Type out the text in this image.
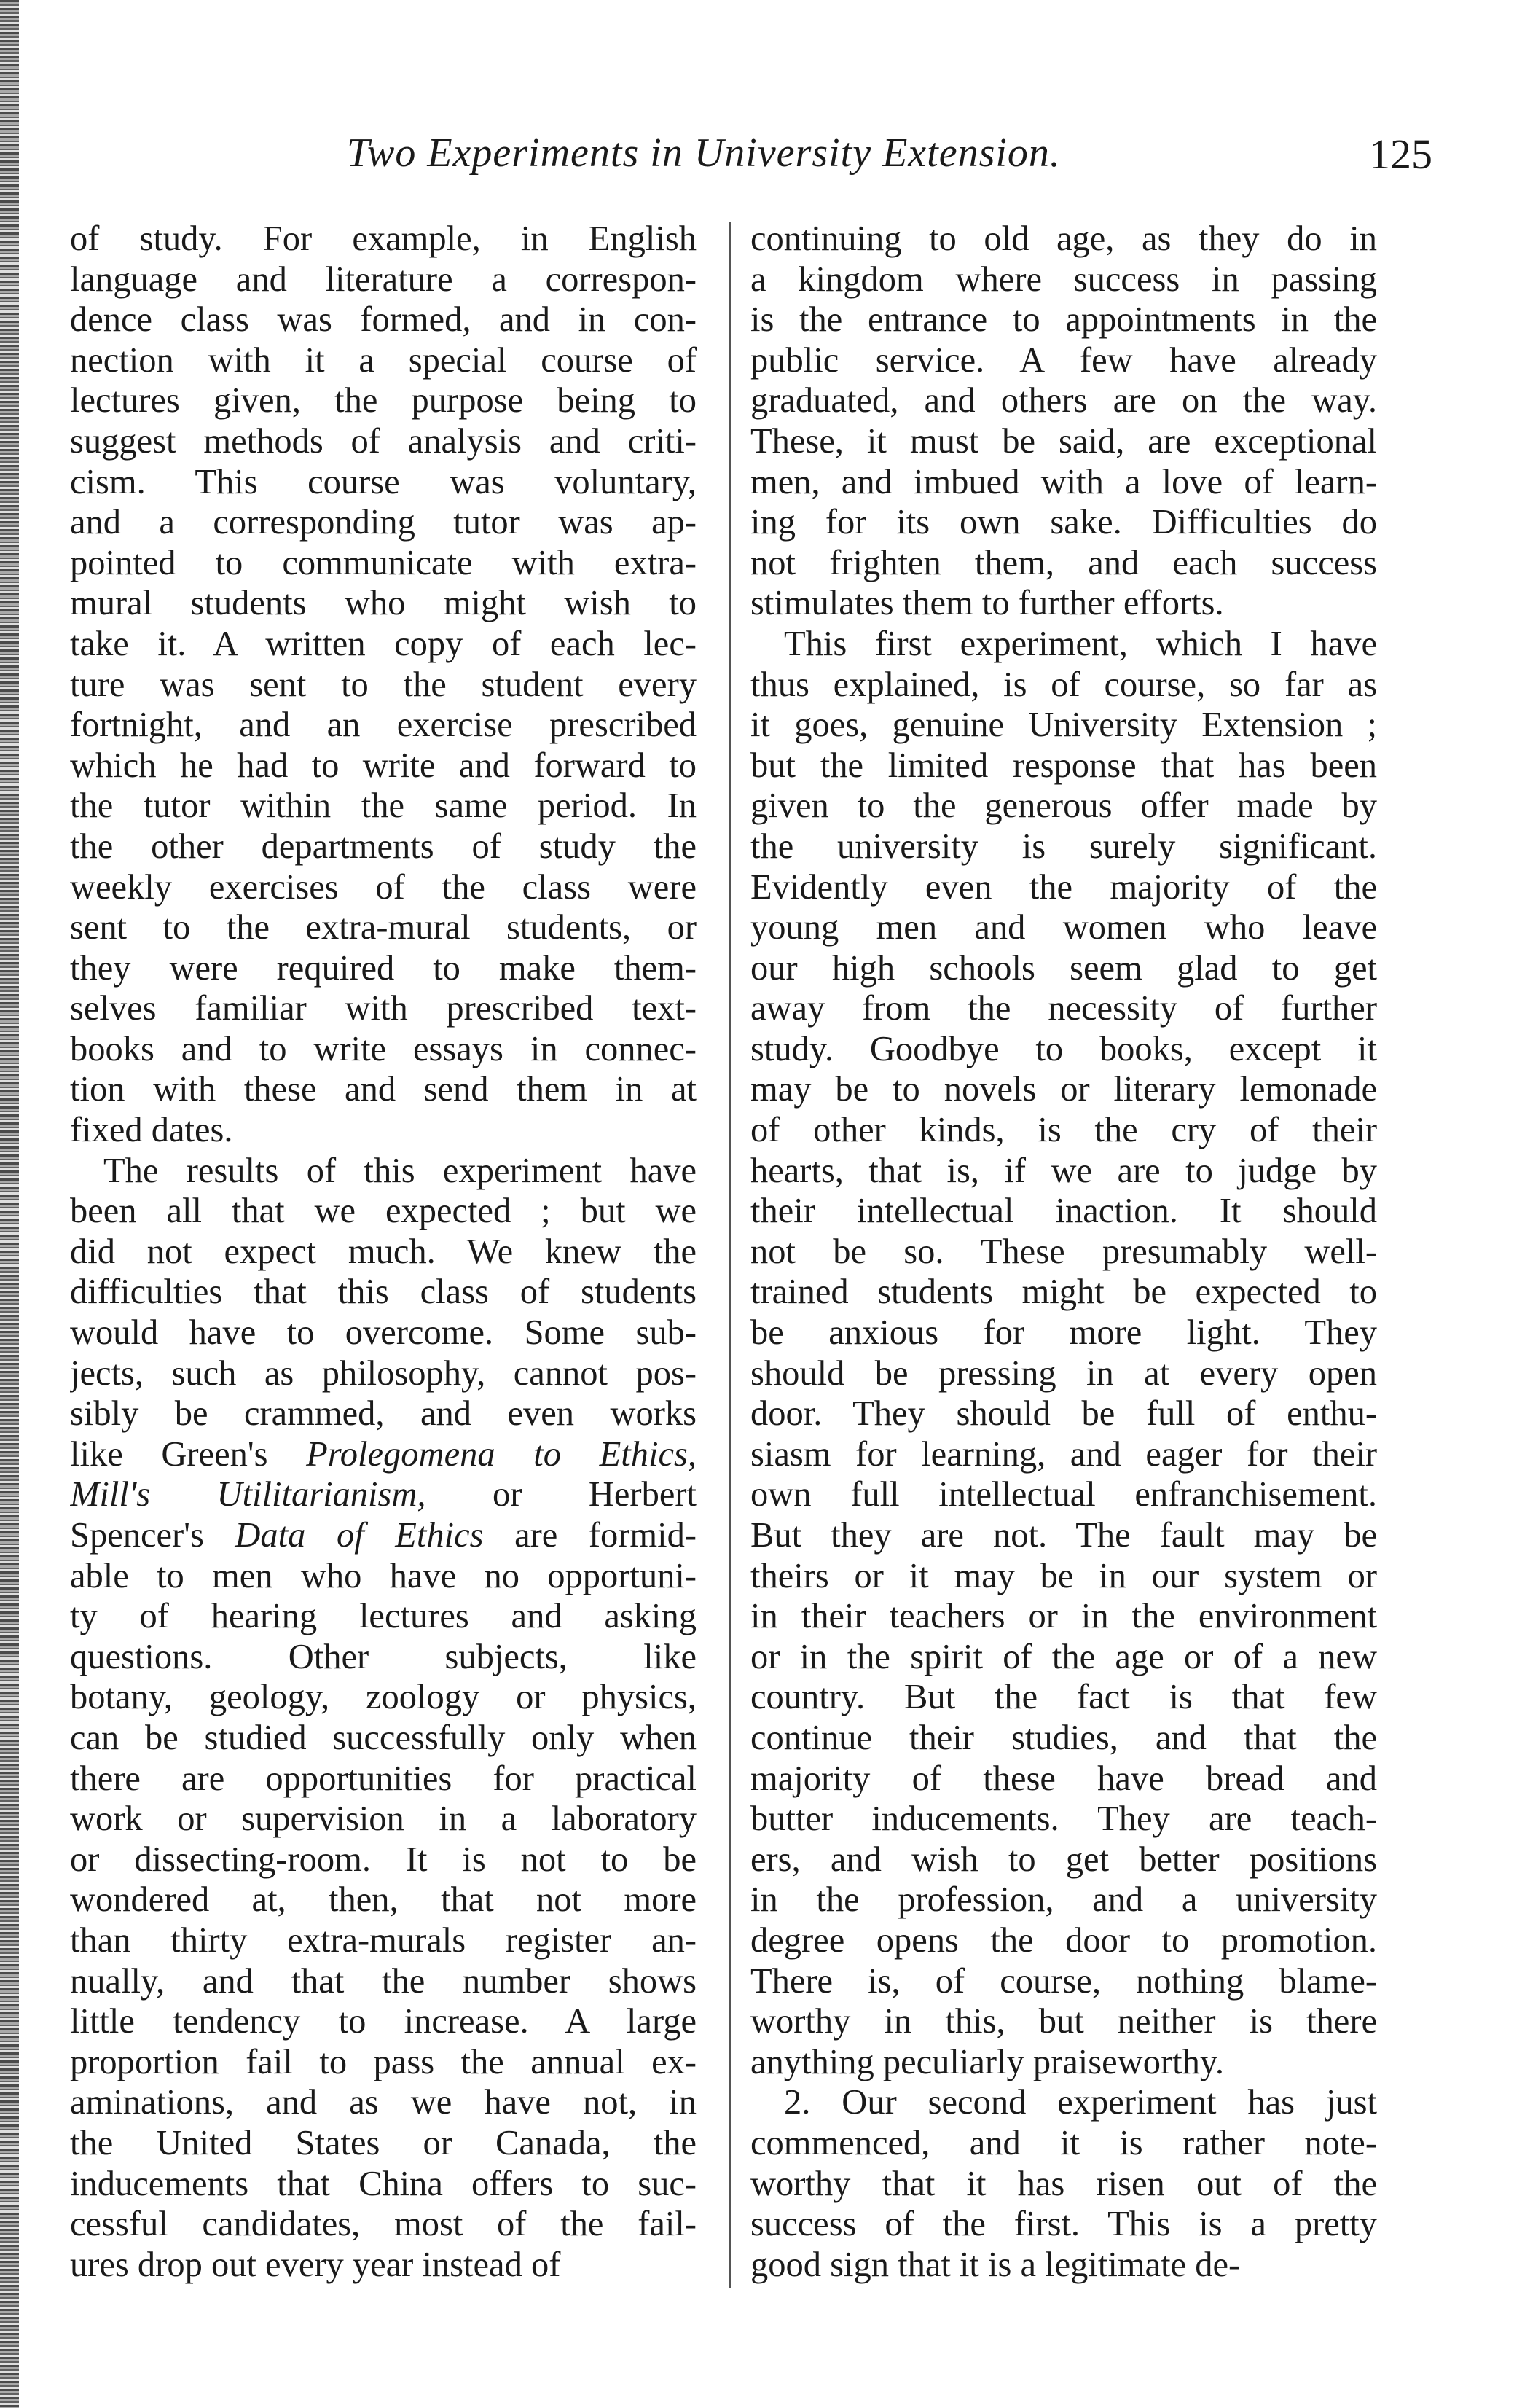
Two Experiments in University Extension.	125
of study. For example, in English
language and literature a correspon-
dence class was formed, and in con-
nection with it a special course of
lectures given, the purpose being to
suggest methods of analysis and criti-
cism. This course was voluntary,
and a corresponding tutor was ap-
pointed to communicate with extra-
mural students who might wish to
take it. A written copy of each lec-
ture was sent to the student every
fortnight, and an exercise prescribed
which he had to write and forward to
the tutor within the same period. In
the other departments of study the
weekly exercises of the class were
sent to the extra-mural students, or
they were required to make them-
selves familiar with prescribed text-
books and to write essays in connec-
tion with these and send them in at
fixed dates.
The results of this experiment have
been all that we expected ; but we
did not expect much. We knew the
difficulties that this class of students
would have to overcome. Some sub-
jects, such as philosophy, cannot pos-
sibly be crammed, and even works
like Green's Prolegomena to Ethics,
Mill's Utilitarianism, or Herbert
Spencer's Data of Ethics are formid-
able to men who have no opportuni-
ty of hearing lectures and asking
questions. Other subjects, like
botany, geology, zoology or physics,
can be studied successfully only when
there are opportunities for practical
work or supervision in a laboratory
or dissecting-room. It is not to be
wondered at, then, that not more
than thirty extra-murals register an-
nually, and that the number shows
little tendency to increase. A large
proportion fail to pass the annual ex-
aminations, and as we have not, in
the United States or Canada, the
inducements that China offers to suc-
cessful candidates, most of the fail-
ures drop out every year instead of
continuing to old age, as they do in
a kingdom where success in passing
is the entrance to appointments in the
public service. A few have already
graduated, and others are on the way.
These, it must be said, are exceptional
men, and imbued with a love of learn-
ing for its own sake. Difficulties do
not frighten them, and each success
stimulates them to further efforts.
This first experiment, which I have
thus explained, is of course, so far as
it goes, genuine University Extension ;
but the limited response that has been
given to the generous offer made by
the university is surely significant.
Evidently even the majority of the
young men and women who leave
our high schools seem glad to get
away from the necessity of further
study. Goodbye to books, except it
may be to novels or literary lemonade
of other kinds, is the cry of their
hearts, that is, if we are to judge by
their intellectual inaction. It should
not be so. These presumably well-
trained students might be expected to
be anxious for more light. They
should be pressing in at every open
door. They should be full of enthu-
siasm for learning, and eager for their
own full intellectual enfranchisement.
But they are not. The fault may be
theirs or it may be in our system or
in their teachers or in the environment
or in the spirit of the age or of a new
country. But the fact is that few
continue their studies, and that the
majority of these have bread and
butter inducements. They are teach-
ers, and wish to get better positions
in the profession, and a university
degree opens the door to promotion.
There is, of course, nothing blame-
worthy in this, but neither is there
anything peculiarly praiseworthy.
2. Our second experiment has just
commenced, and it is rather note-
worthy that it has risen out of the
success of the first. This is a pretty
good sign that it is a legitimate de-
